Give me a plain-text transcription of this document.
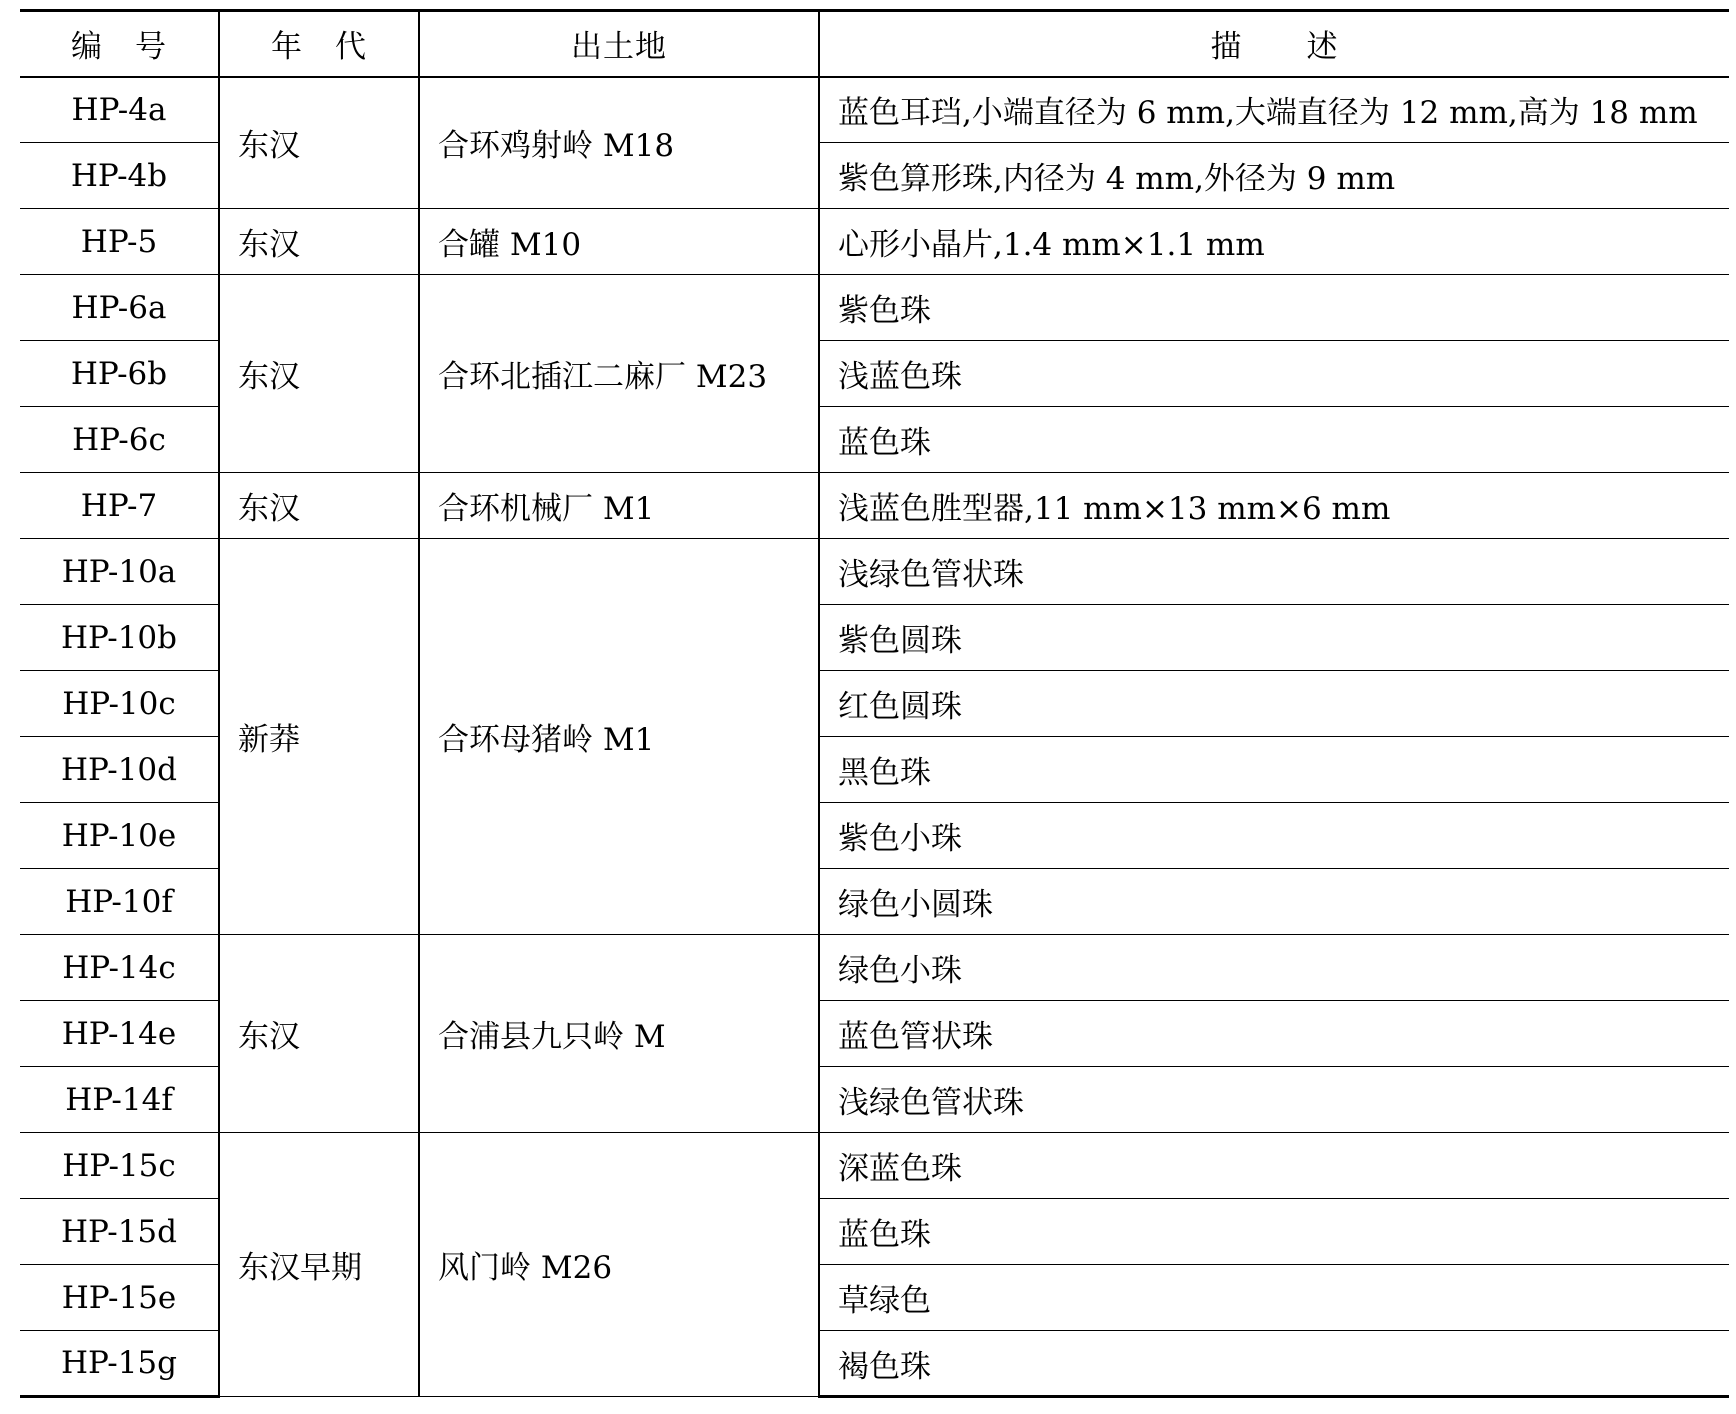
编　号	年　代	出土地	描　　述
HP-4a	东汉	合环鸡射岭 M18	蓝色耳珰,小端直径为 6 mm,大端直径为 12 mm,高为 18 mm
HP-4b			紫色算形珠,内径为 4 mm,外径为 9 mm
HP-5	东汉	合罐 M10	心形小晶片,1.4 mm×1.1 mm
HP-6a	东汉	合环北插江二麻厂 M23	紫色珠
HP-6b			浅蓝色珠
HP-6c			蓝色珠
HP-7	东汉	合环机械厂 M1	浅蓝色胜型器,11 mm×13 mm×6 mm
HP-10a	新莽	合环母猪岭 M1	浅绿色管状珠
HP-10b			紫色圆珠
HP-10c			红色圆珠
HP-10d			黑色珠
HP-10e			紫色小珠
HP-10f			绿色小圆珠
HP-14c	东汉	合浦县九只岭 M	绿色小珠
HP-14e			蓝色管状珠
HP-14f			浅绿色管状珠
HP-15c	东汉早期	风门岭 M26	深蓝色珠
HP-15d			蓝色珠
HP-15e			草绿色
HP-15g			褐色珠
